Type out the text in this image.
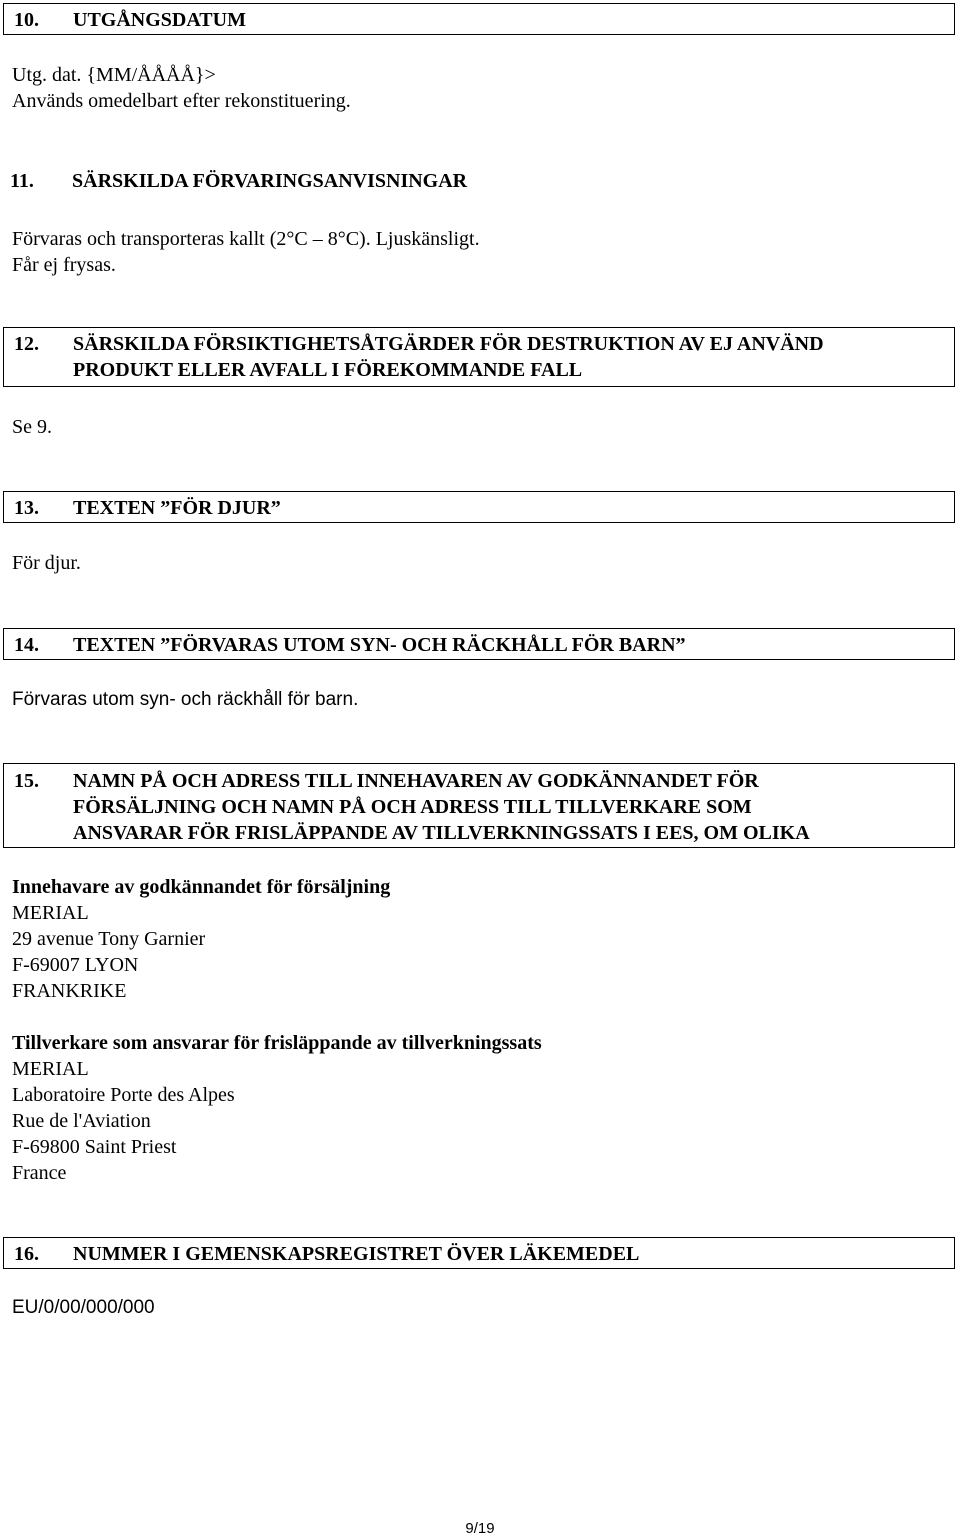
10. UTGÅNGSDATUM
Utg. dat. {MM/ÅÅÅÅ}>
Används omedelbart efter rekonstituering.
11. SÄRSKILDA FÖRVARINGSANVISNINGAR
Förvaras och transporteras kallt (2°C – 8°C). Ljuskänsligt.
Får ej frysas.
12. SÄRSKILDA FÖRSIKTIGHETSÅTGÄRDER FÖR DESTRUKTION AV EJ ANVÄND
PRODUKT ELLER AVFALL I FÖREKOMMANDE FALL
Se 9.
13. TEXTEN ”FÖR DJUR”
För djur.
14. TEXTEN ”FÖRVARAS UTOM SYN- OCH RÄCKHÅLL FÖR BARN”
Förvaras utom syn- och räckhåll för barn.
15. NAMN PÅ OCH ADRESS TILL INNEHAVAREN AV GODKÄNNANDET FÖR
FÖRSÄLJNING OCH NAMN PÅ OCH ADRESS TILL TILLVERKARE SOM
ANSVARAR FÖR FRISLÄPPANDE AV TILLVERKNINGSSATS I EES, OM OLIKA
Innehavare av godkännandet för försäljning
MERIAL
29 avenue Tony Garnier
F-69007 LYON
FRANKRIKE
Tillverkare som ansvarar för frisläppande av tillverkningssats
MERIAL
Laboratoire Porte des Alpes
Rue de l'Aviation
F-69800 Saint Priest
France
16. NUMMER I GEMENSKAPSREGISTRET ÖVER LÄKEMEDEL
EU/0/00/000/000
9/19
